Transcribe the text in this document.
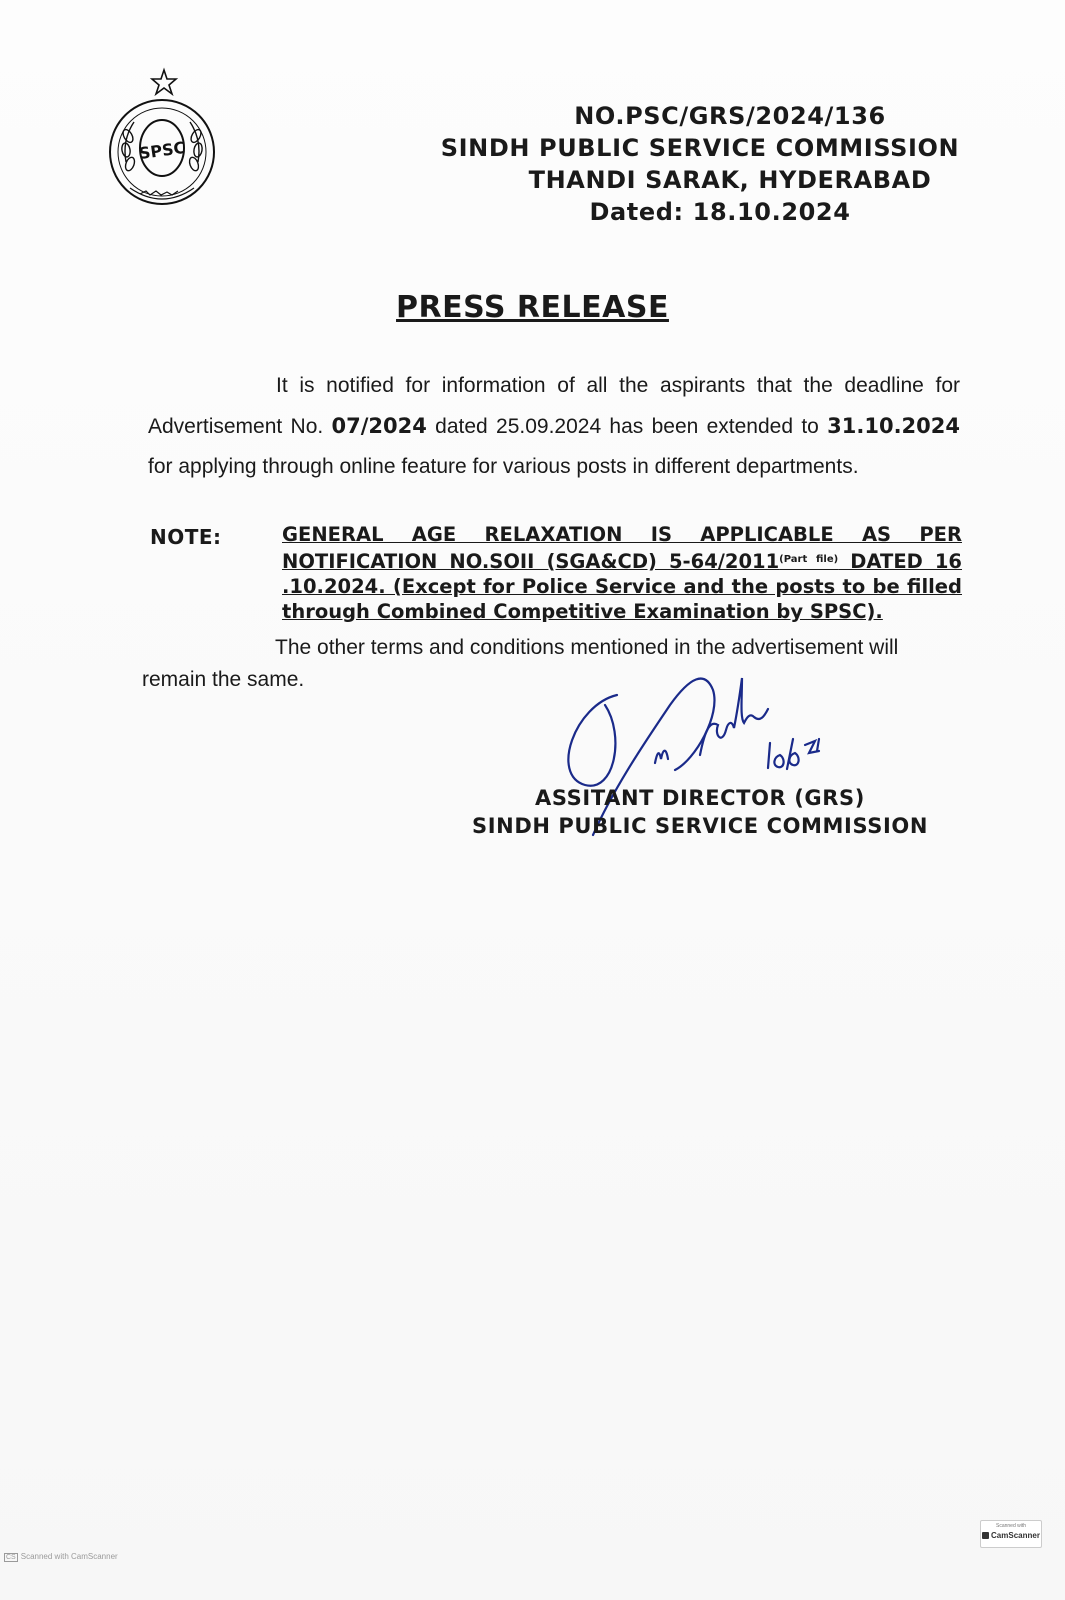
SPSC
NO.PSC/GRS/2024/136
SINDH PUBLIC SERVICE COMMISSION
THANDI SARAK, HYDERABAD
Dated: 18.10.2024
PRESS RELEASE
It is notified for information of all the aspirants that the deadline for Advertisement No. 07/2024 dated 25.09.2024 has been extended to 31.10.2024 for applying through online feature for various posts in different departments.
NOTE:	GENERAL AGE RELAXATION IS APPLICABLE AS PER NOTIFICATION NO.SOII (SGA&CD) $5-64/2011^{(Part file)}$ DATED 16 .10.2024. (Except for Police Service and the posts to be filled through Combined Competitive Examination by SPSC).
The other terms and conditions mentioned in the advertisement will remain the same.
ASSITANT DIRECTOR (GRS)
SINDH PUBLIC SERVICE COMMISSION
CS Scanned with CamScanner
Scanned with
CamScanner
